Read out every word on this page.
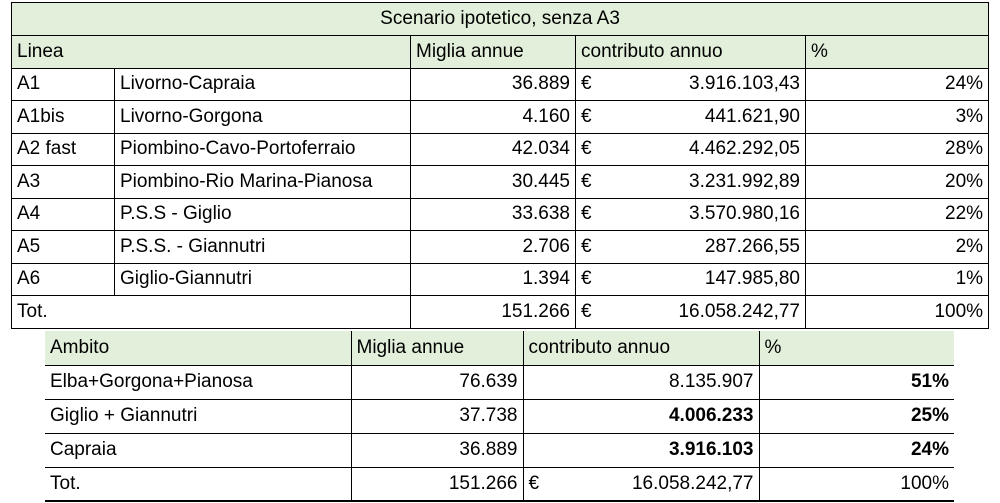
Scenario ipotetico, senza A3					
Linea		Miglia annue	contributo annuo		%
A1	Livorno-Capraia	36.889	€	3.916.103,43	24%
A1bis	Livorno-Gorgona	4.160	€	441.621,90	3%
A2 fast	Piombino-Cavo-Portoferraio	42.034	€	4.462.292,05	28%
A3	Piombino-Rio Marina-Pianosa	30.445	€	3.231.992,89	20%
A4	P.S.S - Giglio	33.638	€	3.570.980,16	22%
A5	P.S.S. - Giannutri	2.706	€	287.266,55	2%
A6	Giglio-Giannutri	1.394	€	147.985,80	1%
Tot.		151.266	€	16.058.242,77	100%
Ambito	Miglia annue	contributo annuo		%
Elba+Gorgona+Pianosa	76.639	8.135.907		51%
Giglio + Giannutri	37.738	4.006.233		25%
Capraia	36.889	3.916.103		24%
Tot.	151.266	€	16.058.242,77	100%
